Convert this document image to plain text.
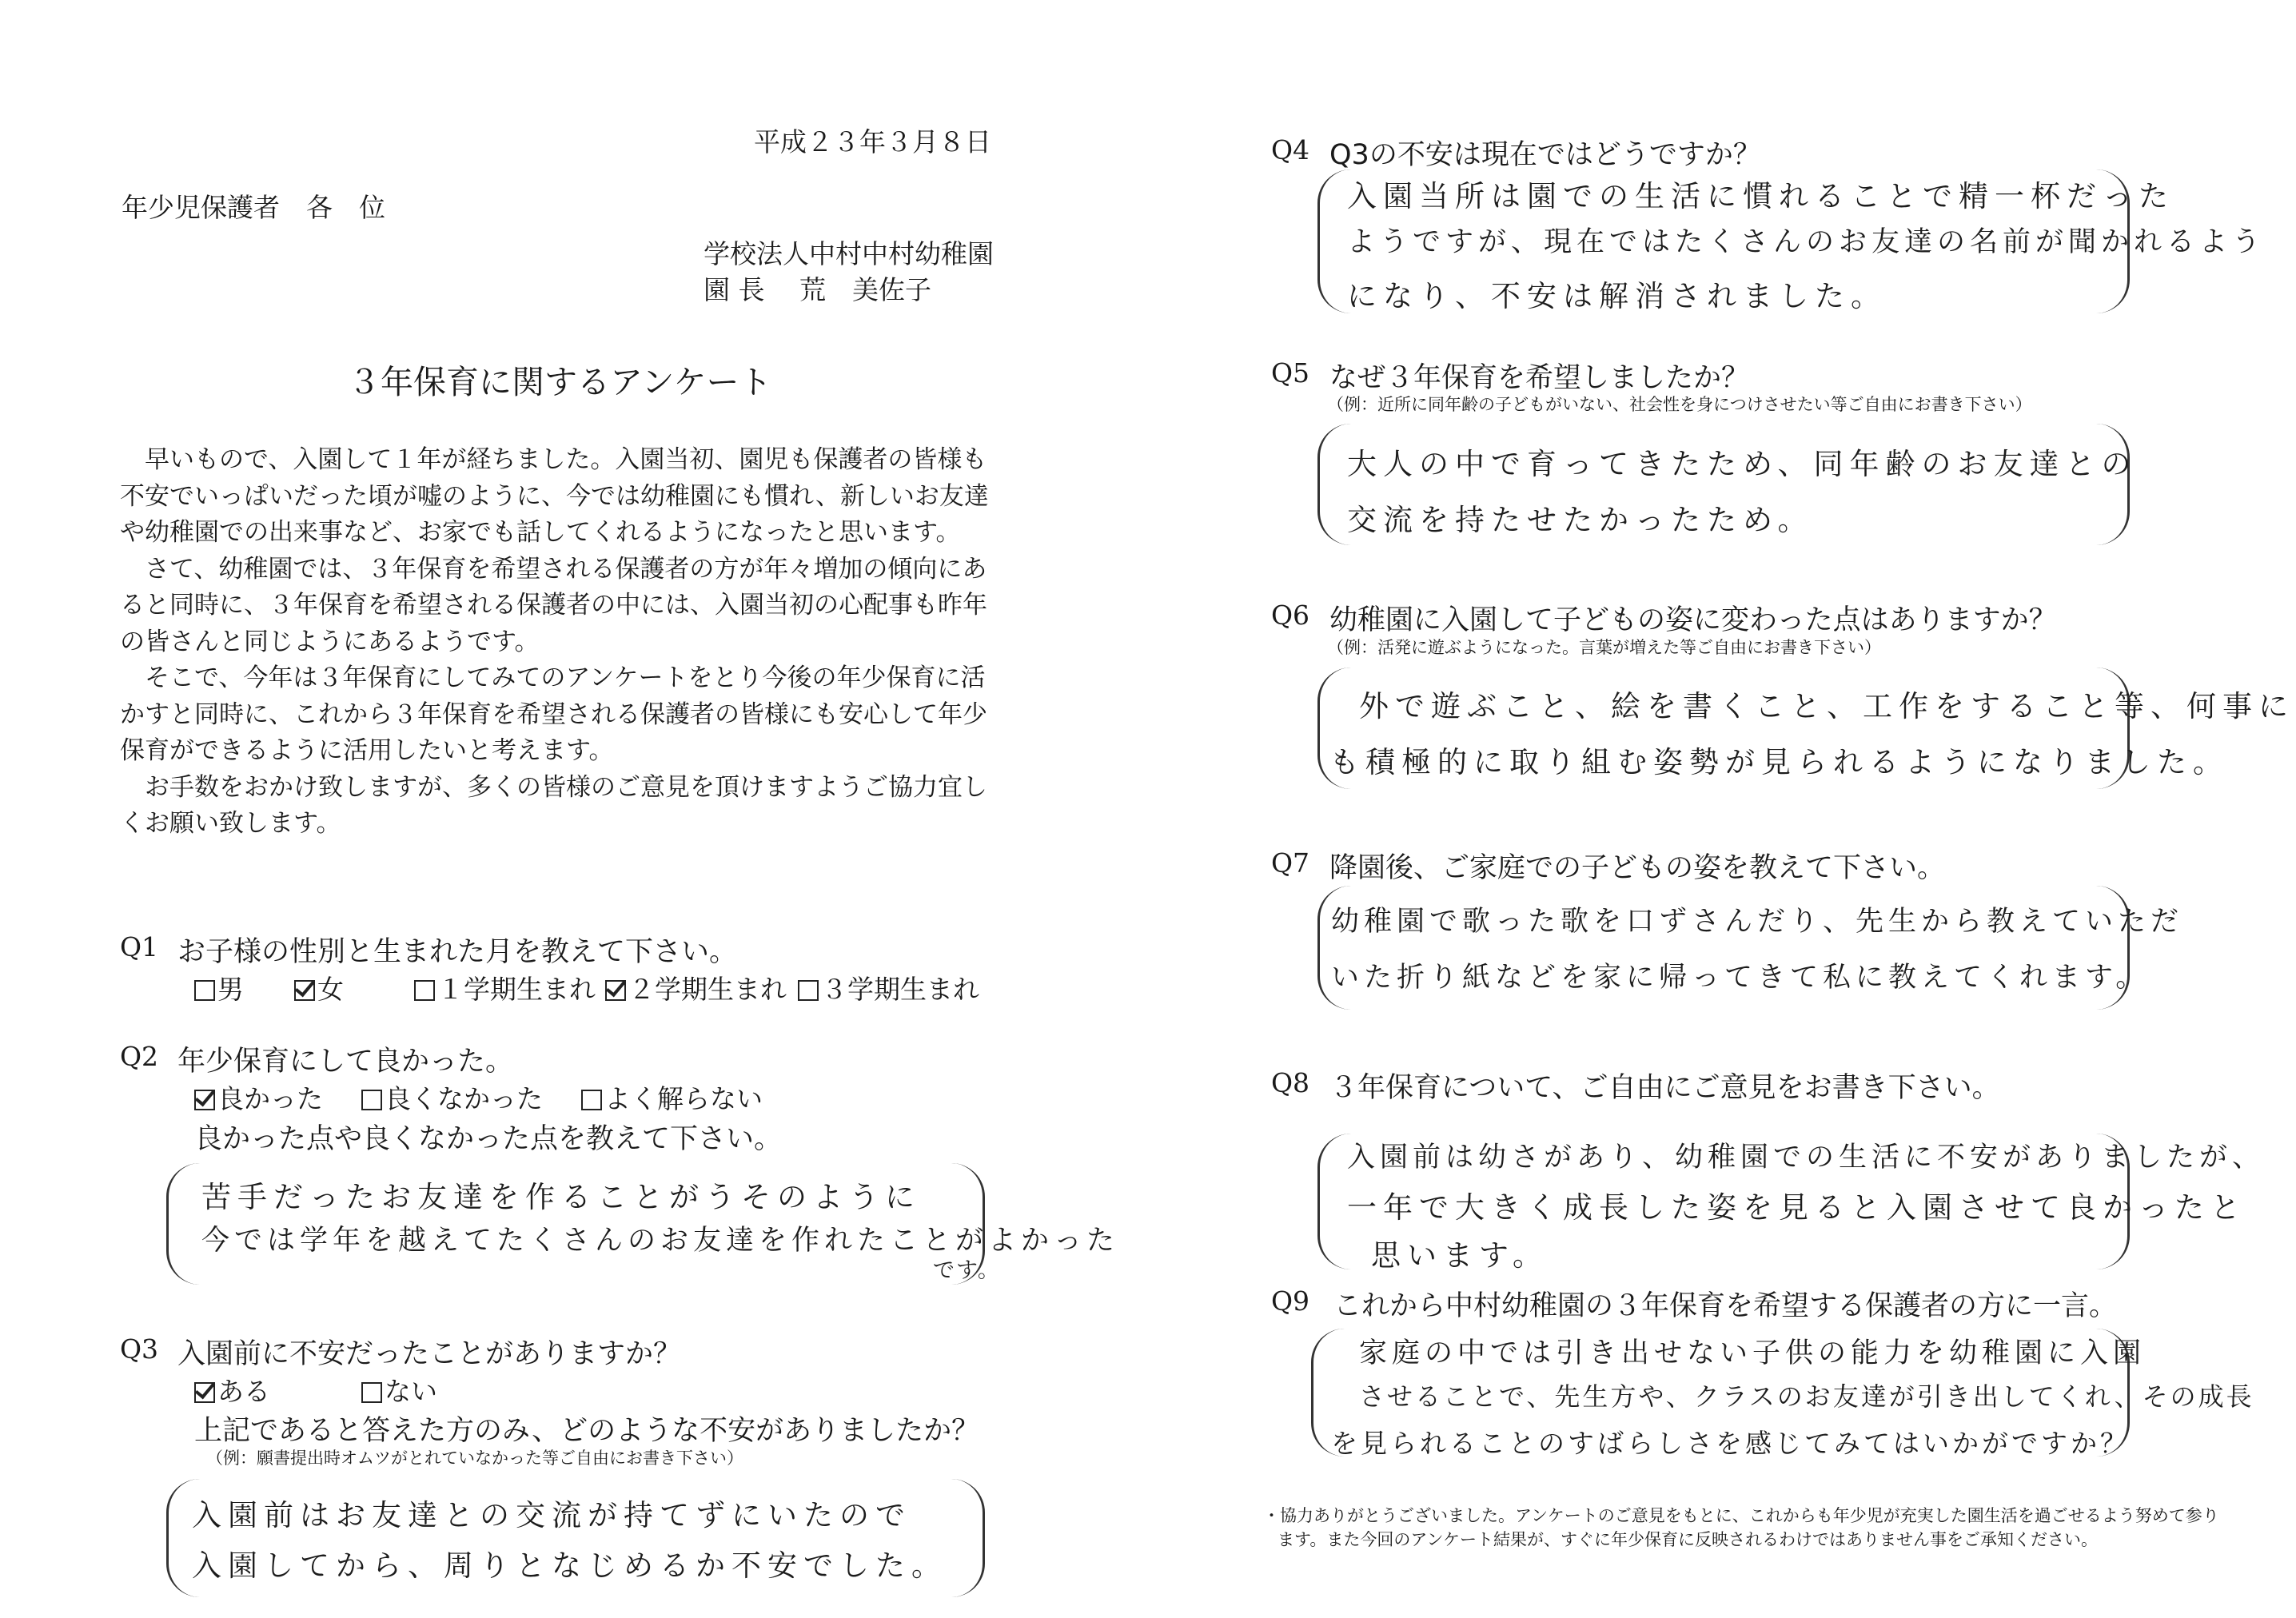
平成２３年３月８日
年少児保護者　各　位
学校法人中村中村幼稚園
園 長　 荒　美佐子
３年保育に関するアンケート

早いもので、入園して１年が経ちました。入園当初、園児も保護者の皆様も不安でいっぱいだった頃が嘘のように、今では幼稚園にも慣れ、新しいお友達や幼稚園での出来事など、お家でも話してくれるようになったと思います。

さて、幼稚園では、３年保育を希望される保護者の方が年々増加の傾向にあると同時に、３年保育を希望される保護者の中には、入園当初の心配事も昨年の皆さんと同じようにあるようです。

そこで、今年は３年保育にしてみてのアンケートをとり今後の年少保育に活かすと同時に、これから３年保育を希望される保護者の皆様にも安心して年少保育ができるように活用したいと考えます。

お手数をおかけ致しますが、多くの皆様のご意見を頂けますようご協力宜しくお願い致します。

Q1 お子様の性別と生まれた月を教えて下さい。
男	女	１学期生まれ	２学期生まれ	３学期生まれ
Q2 年少保育にして良かった。
良かった	良くなかった	よく解らない
良かった点や良くなかった点を教えて下さい。
苦手だったお友達を作ることがうそのように
今では学年を越えてたくさんのお友達を作れたことがよかった
です。
Q3 入園前に不安だったことがありますか？
ある	ない
上記であると答えた方のみ、どのような不安がありましたか？
（例：願書提出時オムツがとれていなかった等ご自由にお書き下さい）
入園前はお友達との交流が持てずにいたので
入園してから、周りとなじめるか不安でした。
Q4 Q3の不安は現在ではどうですか？
入園当所は園での生活に慣れることで精一杯だった
ようですが、現在ではたくさんのお友達の名前が聞かれるよう
になり、不安は解消されました。
Q5 なぜ３年保育を希望しましたか？
（例：近所に同年齢の子どもがいない、社会性を身につけさせたい等ご自由にお書き下さい）
大人の中で育ってきたため、同年齢のお友達との
交流を持たせたかったため。
Q6 幼稚園に入園して子どもの姿に変わった点はありますか？
（例：活発に遊ぶようになった。言葉が増えた等ご自由にお書き下さい）
外で遊ぶこと、絵を書くこと、工作をすること等、何事に
も積極的に取り組む姿勢が見られるようになりました。
Q7 降園後、ご家庭での子どもの姿を教えて下さい。
幼稚園で歌った歌を口ずさんだり、先生から教えていただ
いた折り紙などを家に帰ってきて私に教えてくれます。
Q8 ３年保育について、ご自由にご意見をお書き下さい。
入園前は幼さがあり、幼稚園での生活に不安がありましたが、
一年で大きく成長した姿を見ると入園させて良かったと
思います。
Q9 これから中村幼稚園の３年保育を希望する保護者の方に一言。
家庭の中では引き出せない子供の能力を幼稚園に入園
させることで、先生方や、クラスのお友達が引き出してくれ、その成長
を見られることのすばらしさを感じてみてはいかがですか？
・協力ありがとうございました。アンケートのご意見をもとに、これからも年少児が充実した園生活を過ごせるよう努めて参り
ます。また今回のアンケート結果が、すぐに年少保育に反映されるわけではありません事をご承知ください。
